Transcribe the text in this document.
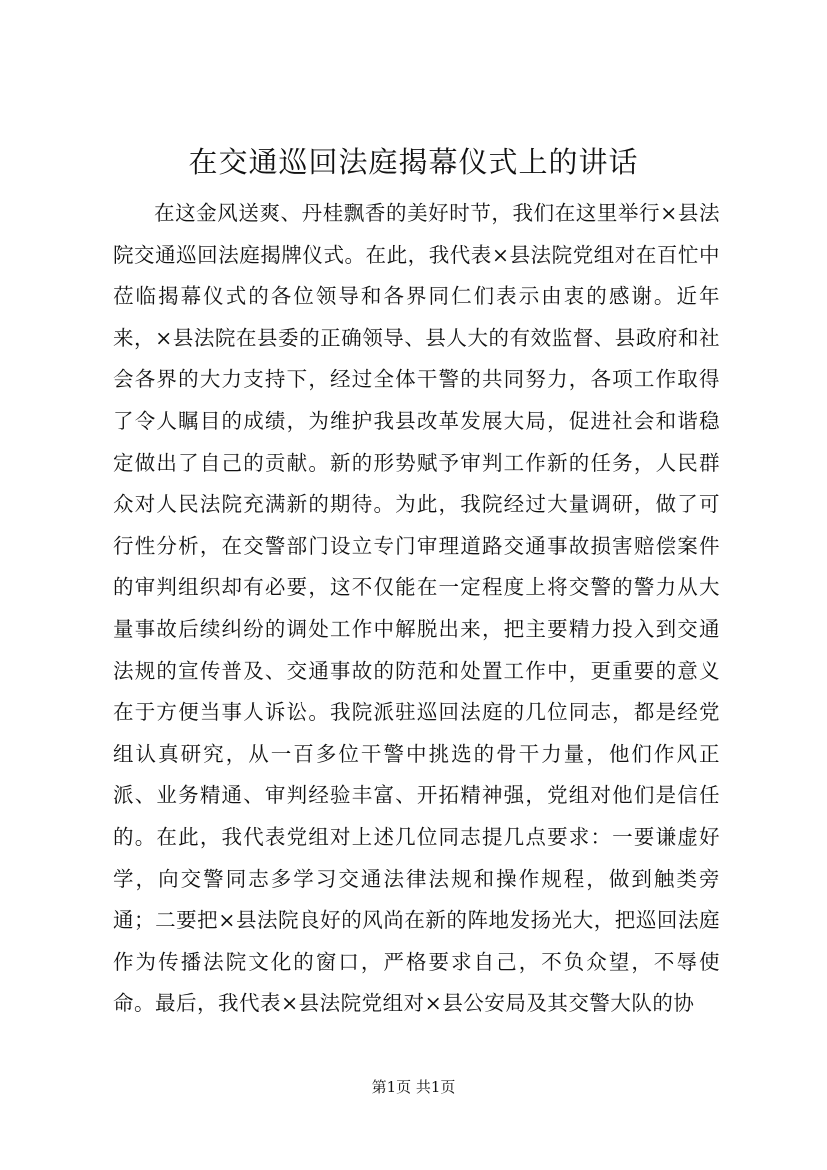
在交通巡回法庭揭幕仪式上的讲话

在这金风送爽、丹桂飘香的美好时节，我们在这里举行×县法院交通巡回法庭揭牌仪式。在此，我代表×县法院党组对在百忙中莅临揭幕仪式的各位领导和各界同仁们表示由衷的感谢。近年来，×县法院在县委的正确领导、县人大的有效监督、县政府和社会各界的大力支持下，经过全体干警的共同努力，各项工作取得了令人瞩目的成绩，为维护我县改革发展大局，促进社会和谐稳定做出了自己的贡献。新的形势赋予审判工作新的任务，人民群众对人民法院充满新的期待。为此，我院经过大量调研，做了可行性分析，在交警部门设立专门审理道路交通事故损害赔偿案件的审判组织却有必要，这不仅能在一定程度上将交警的警力从大量事故后续纠纷的调处工作中解脱出来，把主要精力投入到交通法规的宣传普及、交通事故的防范和处置工作中，更重要的意义在于方便当事人诉讼。我院派驻巡回法庭的几位同志，都是经党组认真研究，从一百多位干警中挑选的骨干力量，他们作风正派、业务精通、审判经验丰富、开拓精神强，党组对他们是信任的。在此，我代表党组对上述几位同志提几点要求：一要谦虚好学，向交警同志多学习交通法律法规和操作规程，做到触类旁通；二要把×县法院良好的风尚在新的阵地发扬光大，把巡回法庭作为传播法院文化的窗口，严格要求自己，不负众望，不辱使命。最后，我代表×县法院党组对×县公安局及其交警大队的协

第1页 共1页
